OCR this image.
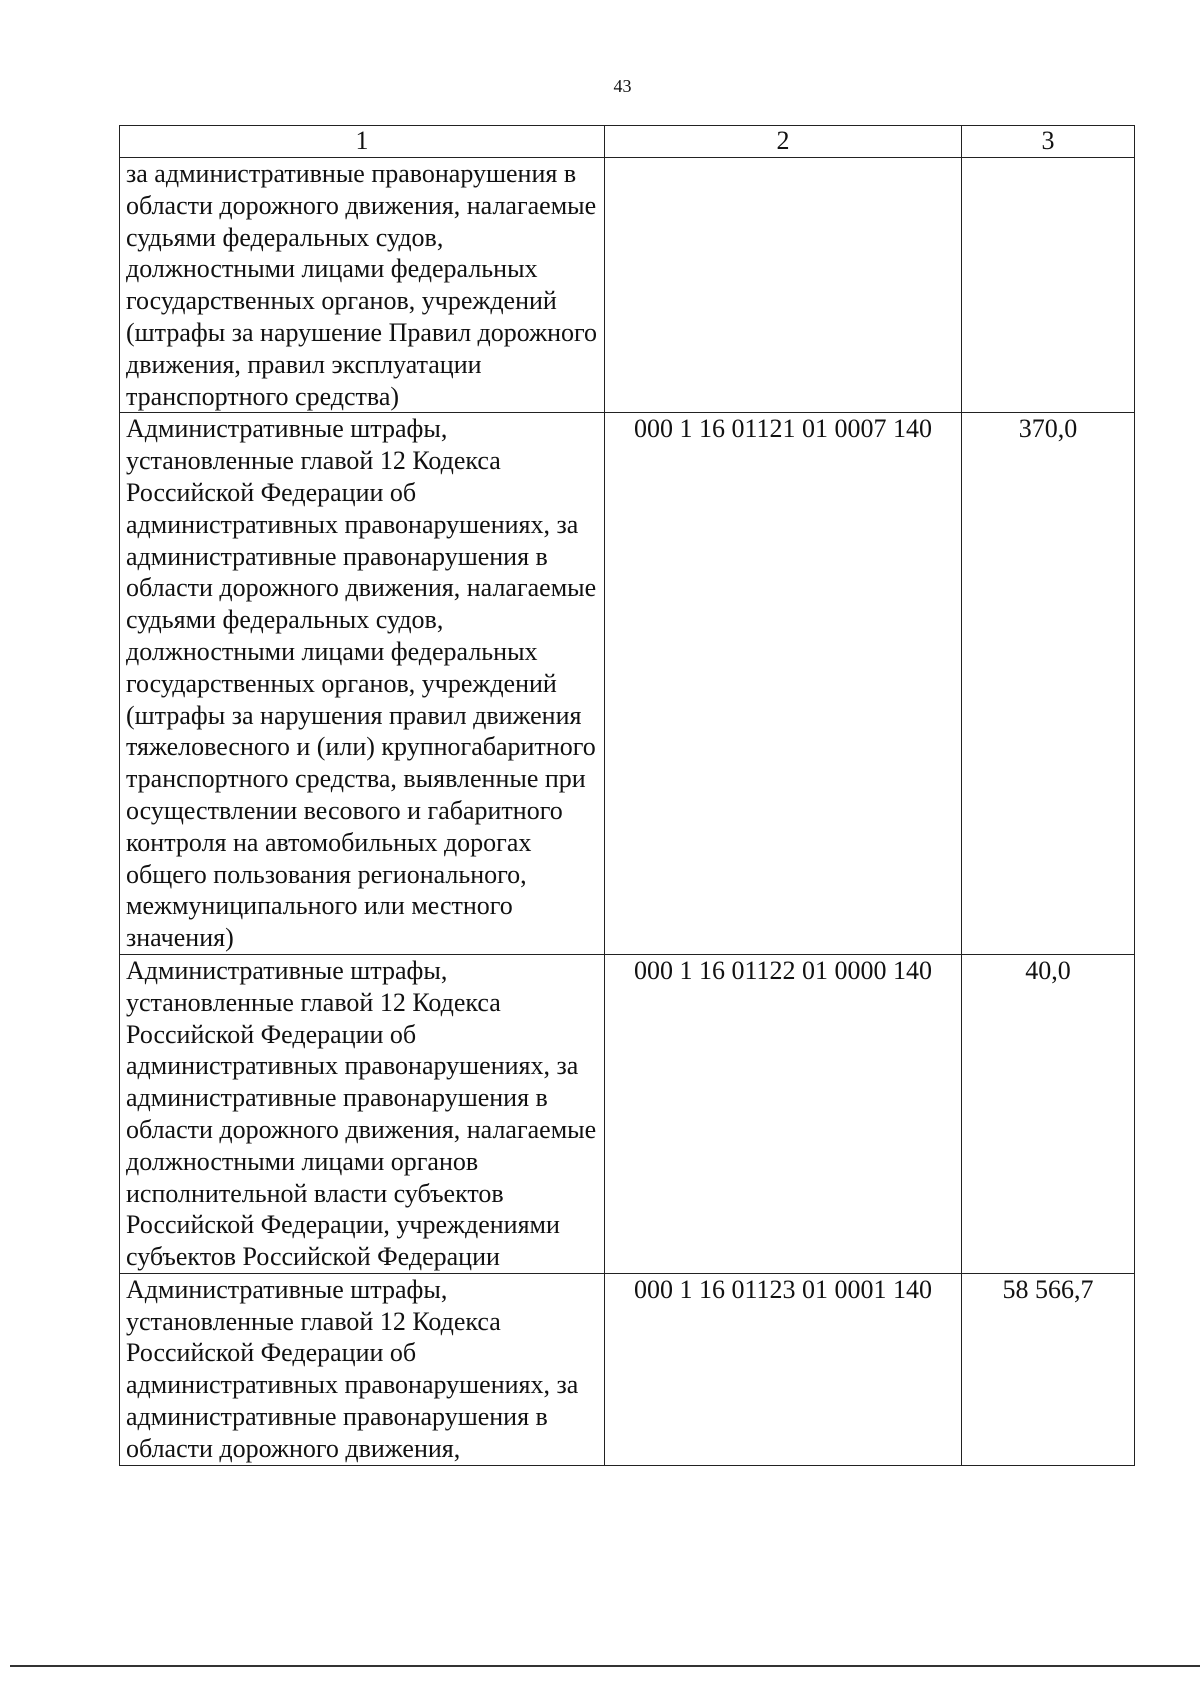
43
1	2	3
за административные правонарушения в области дорожного движения, налагаемые судьями федеральных судов, должностными лицами федеральных государственных органов, учреждений (штрафы за нарушение Правил дорожного движения, правил эксплуатации транспортного средства)		
Административные штрафы, установленные главой 12 Кодекса Российской Федерации об административных правонарушениях, за административные правонарушения в области дорожного движения, налагаемые судьями федеральных судов, должностными лицами федеральных государственных органов, учреждений (штрафы за нарушения правил движения тяжеловесного и (или) крупногабаритного транспортного средства, выявленные при осуществлении весового и габаритного контроля на автомобильных дорогах общего пользования регионального, межмуниципального или местного значения)	000 1 16 01121 01 0007 140	370,0
Административные штрафы, установленные главой 12 Кодекса Российской Федерации об административных правонарушениях, за административные правонарушения в области дорожного движения, налагаемые должностными лицами органов исполнительной власти субъектов Российской Федерации, учреждениями субъектов Российской Федерации	000 1 16 01122 01 0000 140	40,0
Административные штрафы, установленные главой 12 Кодекса Российской Федерации об административных правонарушениях, за административные правонарушения в области дорожного движения,	000 1 16 01123 01 0001 140	58 566,7
